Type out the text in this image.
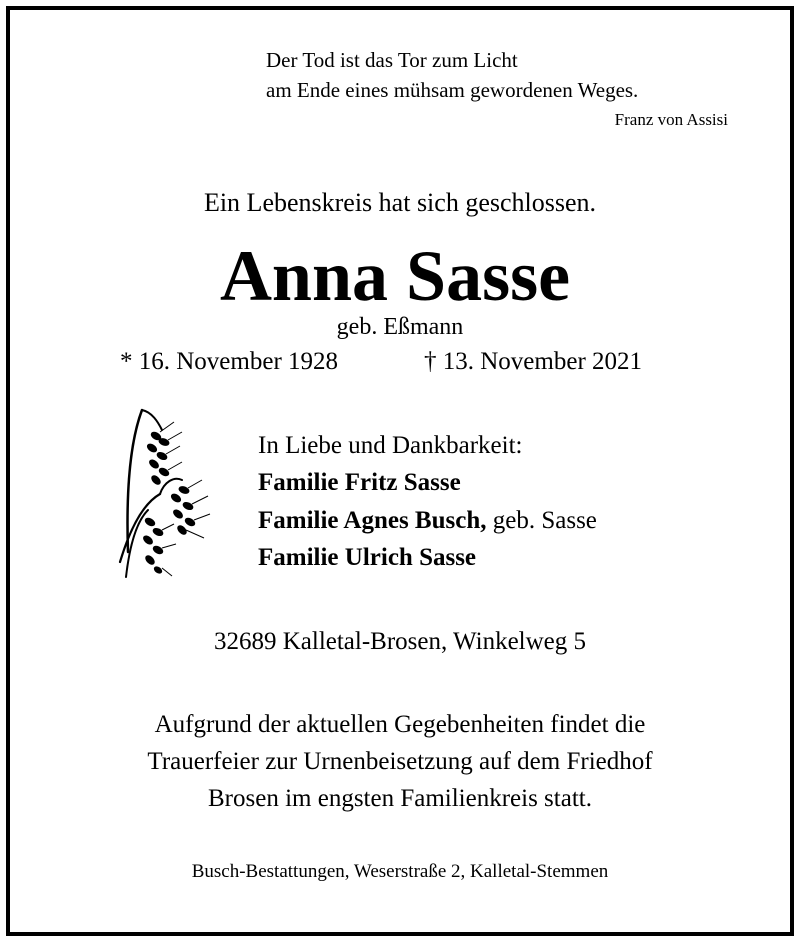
Der Tod ist das Tor zum Licht
am Ende eines mühsam gewordenen Weges.
Franz von Assisi
Ein Lebenskreis hat sich geschlossen.
Anna Sasse
geb. Eßmann
* 16. November 1928	† 13. November 2021
In Liebe und Dankbarkeit:
Familie Fritz Sasse
Familie Agnes Busch, geb. Sasse
Familie Ulrich Sasse
32689 Kalletal-Brosen, Winkelweg 5
Aufgrund der aktuellen Gegebenheiten findet die
Trauerfeier zur Urnenbeisetzung auf dem Friedhof
Brosen im engsten Familienkreis statt.
Busch-Bestattungen, Weserstraße 2, Kalletal-Stemmen
